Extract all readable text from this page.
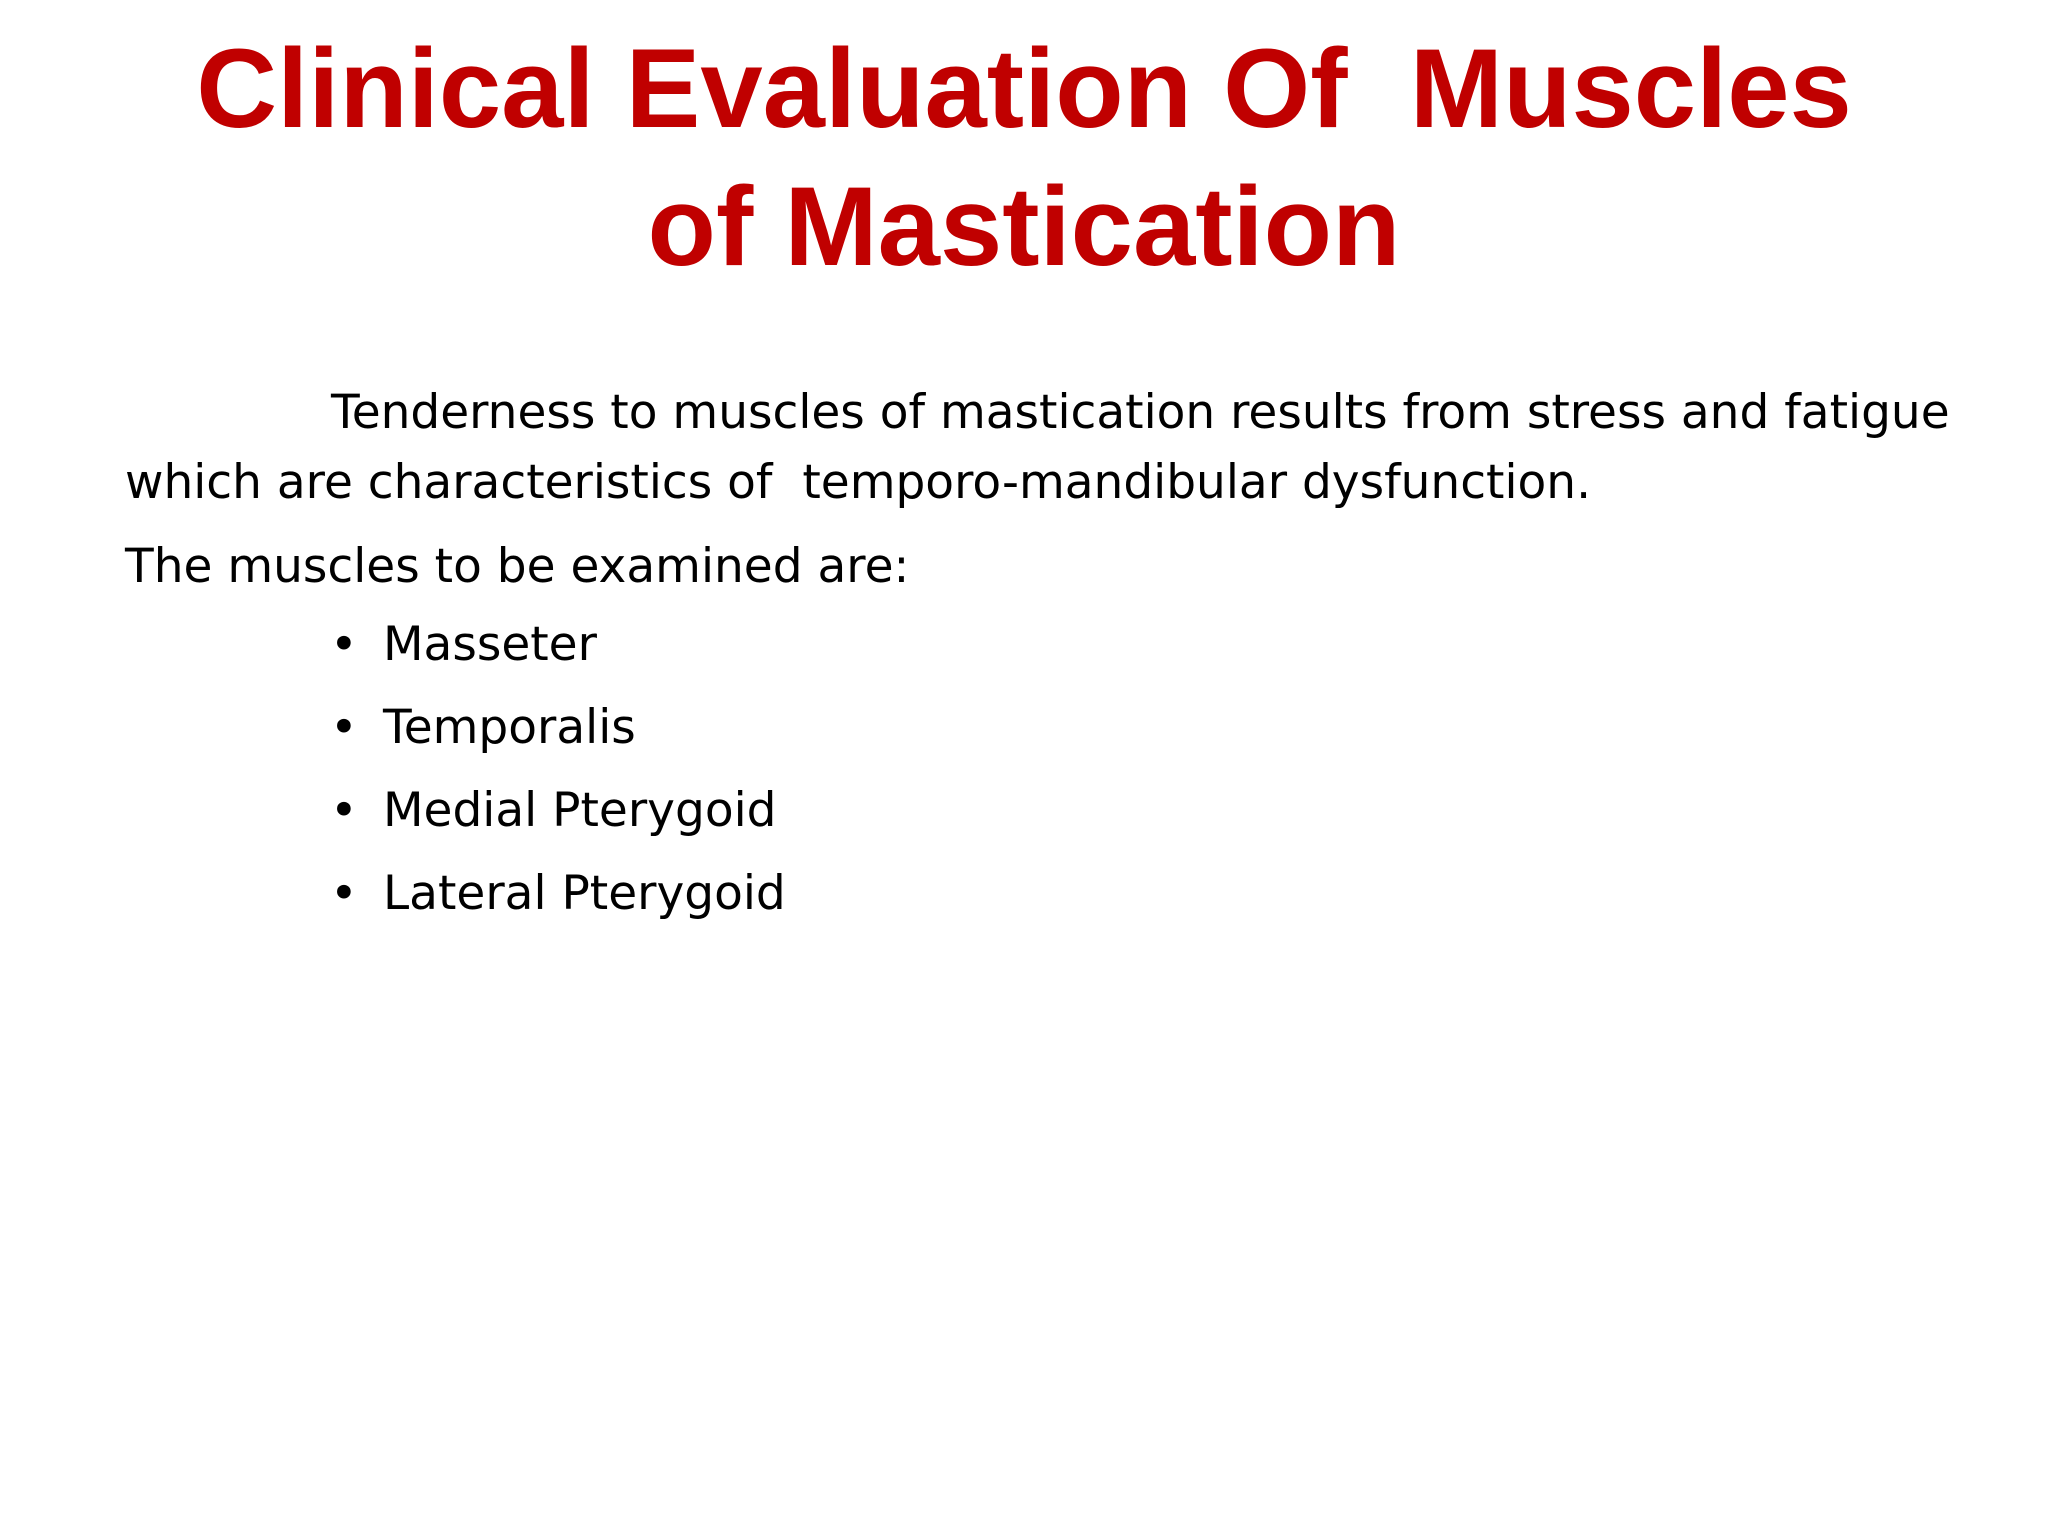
Clinical Evaluation Of  Muscles
of Mastication

Tenderness to muscles of mastication results from stress and fatigue
which are characteristics of  temporo-mandibular dysfunction.

The muscles to be examined are:

• Masseter
• Temporalis
• Medial Pterygoid
• Lateral Pterygoid
